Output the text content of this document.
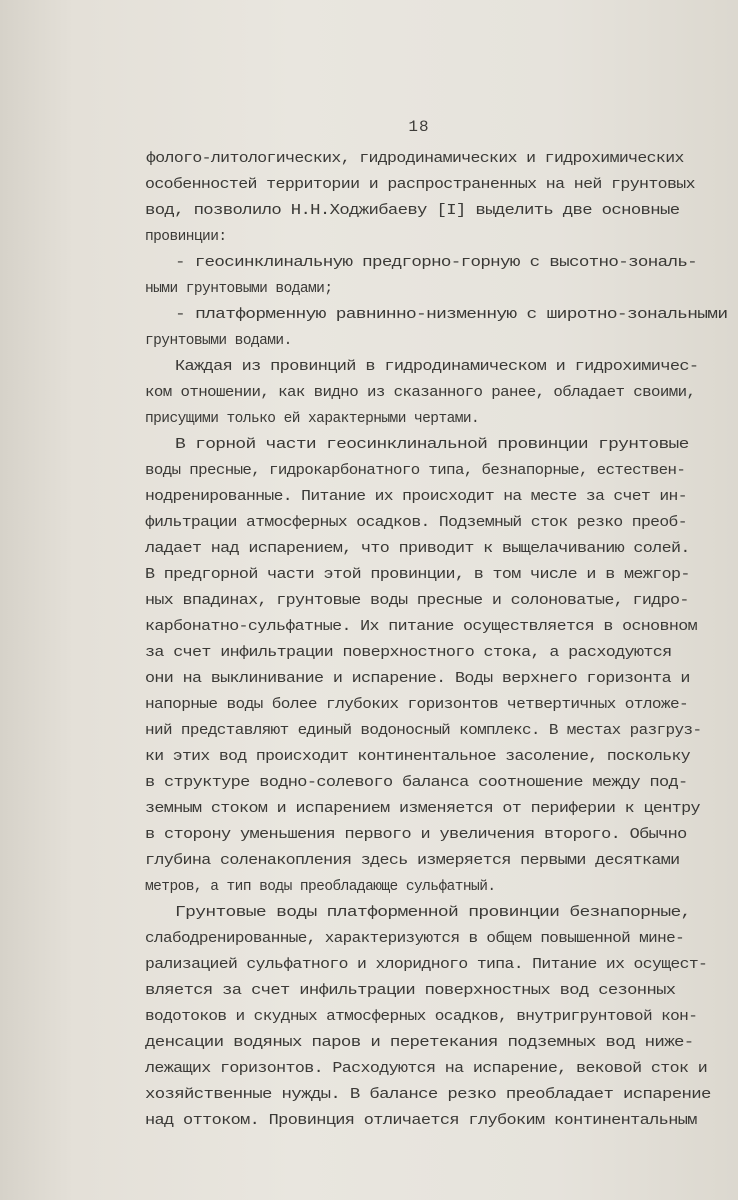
18
фолого-литологических, гидродинамических и гидрохимических
особенностей территории и распространенных на ней грунтовых
вод, позволило Н.Н.Ходжибаеву [I] выделить две основные
провинции:
- геосинклинальную предгорно-горную с высотно-зональ-
ными грунтовыми водами;
- платформенную равнинно-низменную с широтно-зональными
грунтовыми водами.
Каждая из провинций в гидродинамическом и гидрохимичес-
ком отношении, как видно из сказанного ранее, обладает своими,
присущими только ей характерными чертами.
В горной части геосинклинальной провинции грунтовые
воды пресные, гидрокарбонатного типа, безнапорные, естествен-
нодренированные. Питание их происходит на месте за счет ин-
фильтрации атмосферных осадков. Подземный сток резко преоб-
ладает над испарением, что приводит к выщелачиванию солей.
В предгорной части этой провинции, в том числе и в межгор-
ных впадинах, грунтовые воды пресные и солоноватые, гидро-
карбонатно-сульфатные. Их питание осуществляется в основном
за счет инфильтрации поверхностного стока, а расходуются
они на выклинивание и испарение. Воды верхнего горизонта и
напорные воды более глубоких горизонтов четвертичных отложе-
ний представляют единый водоносный комплекс. В местах разгруз-
ки этих вод происходит континентальное засоление, поскольку
в структуре водно-солевого баланса соотношение между под-
земным стоком и испарением изменяется от периферии к центру
в сторону уменьшения первого и увеличения второго. Обычно
глубина соленакопления здесь измеряется первыми десятками
метров, а тип воды преобладающе сульфатный.
Грунтовые воды платформенной провинции безнапорные,
слабодренированные, характеризуются в общем повышенной мине-
рализацией сульфатного и хлоридного типа. Питание их осущест-
вляется за счет инфильтрации поверхностных вод сезонных
водотоков и скудных атмосферных осадков, внутригрунтовой кон-
денсации водяных паров и перетекания подземных вод ниже-
лежащих горизонтов. Расходуются на испарение, вековой сток и
хозяйственные нужды. В балансе резко преобладает испарение
над оттоком. Провинция отличается глубоким континентальным
